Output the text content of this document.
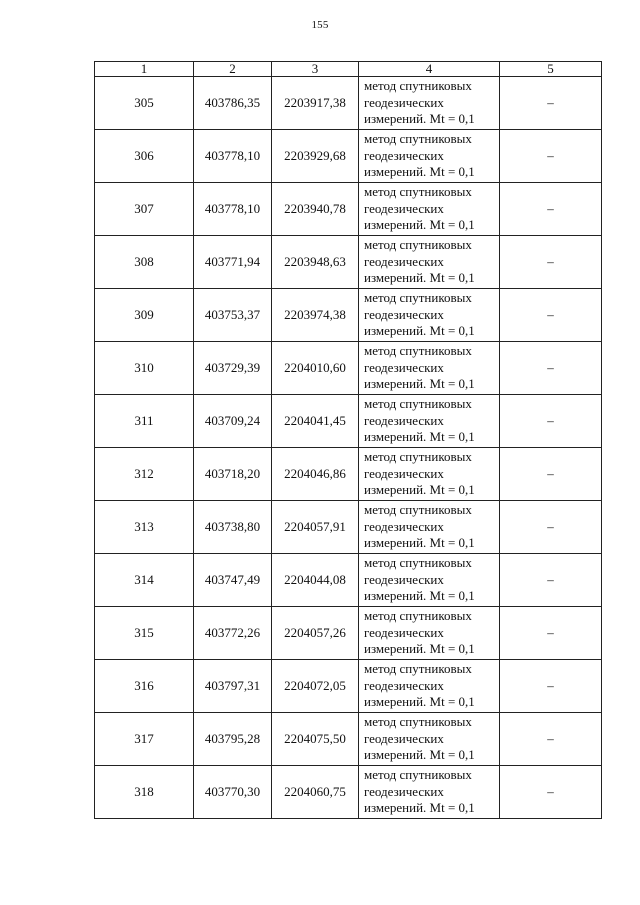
155
1	2	3	4	5
305	403786,35	2203917,38	метод спутниковых
геодезических
измерений. Mt = 0,1	–
306	403778,10	2203929,68	метод спутниковых
геодезических
измерений. Mt = 0,1	–
307	403778,10	2203940,78	метод спутниковых
геодезических
измерений. Mt = 0,1	–
308	403771,94	2203948,63	метод спутниковых
геодезических
измерений. Mt = 0,1	–
309	403753,37	2203974,38	метод спутниковых
геодезических
измерений. Mt = 0,1	–
310	403729,39	2204010,60	метод спутниковых
геодезических
измерений. Mt = 0,1	–
311	403709,24	2204041,45	метод спутниковых
геодезических
измерений. Mt = 0,1	–
312	403718,20	2204046,86	метод спутниковых
геодезических
измерений. Mt = 0,1	–
313	403738,80	2204057,91	метод спутниковых
геодезических
измерений. Mt = 0,1	–
314	403747,49	2204044,08	метод спутниковых
геодезических
измерений. Mt = 0,1	–
315	403772,26	2204057,26	метод спутниковых
геодезических
измерений. Mt = 0,1	–
316	403797,31	2204072,05	метод спутниковых
геодезических
измерений. Mt = 0,1	–
317	403795,28	2204075,50	метод спутниковых
геодезических
измерений. Mt = 0,1	–
318	403770,30	2204060,75	метод спутниковых
геодезических
измерений. Mt = 0,1	–
